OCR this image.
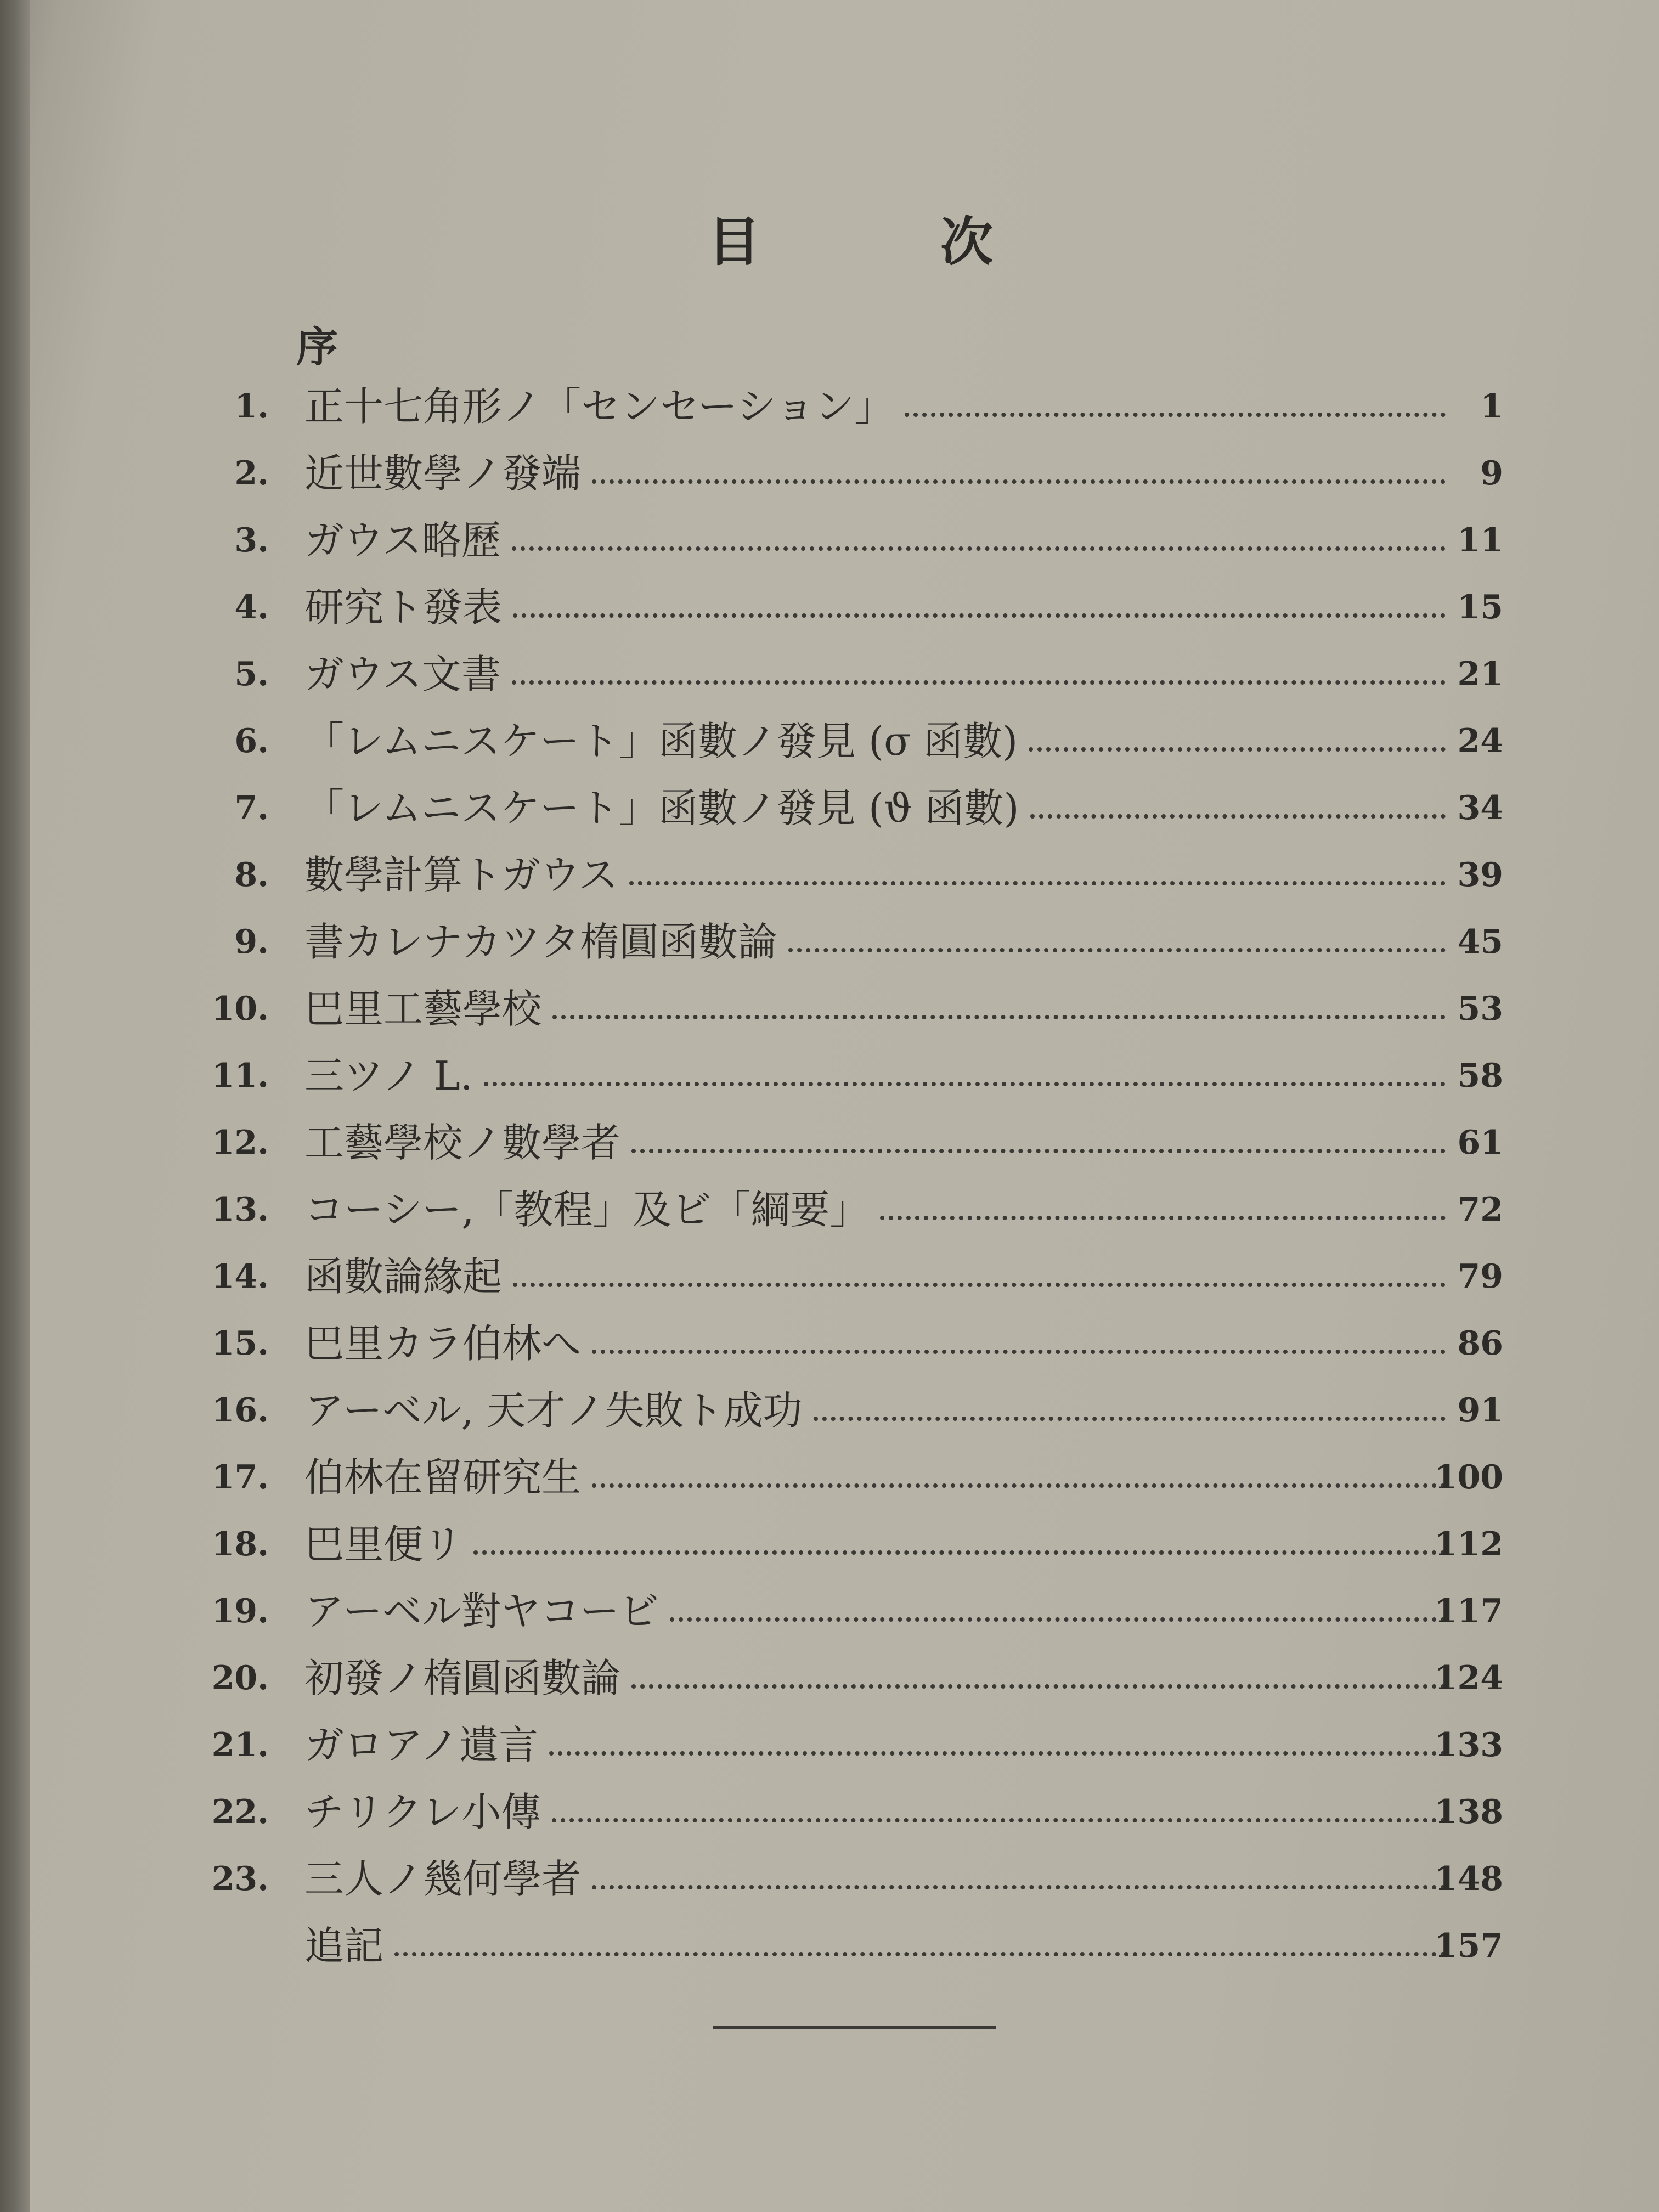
目	次
序
1. 正十七角形ノ「センセーション」	1
2. 近世數學ノ發端	9
3. ガウス略歷	11
4. 研究ト發表	15
5. ガウス文書	21
6. 「レムニスケート」函數ノ發見 (σ 函數)	24
7. 「レムニスケート」函數ノ發見 (ϑ 函數)	34
8. 數學計算トガウス	39
9. 書カレナカツタ楕圓函數論	45
10. 巴里工藝學校	53
11. 三ツノ L.	58
12. 工藝學校ノ數學者	61
13. コーシー,「教程」及ビ「綱要」	72
14. 函數論緣起	79
15. 巴里カラ伯林へ	86
16. アーベル, 天才ノ失敗ト成功	91
17. 伯林在留研究生	100
18. 巴里便リ	112
19. アーベル對ヤコービ	117
20. 初發ノ楕圓函數論	124
21. ガロアノ遺言	133
22. チリクレ小傳	138
23. 三人ノ幾何學者	148
追記	157
